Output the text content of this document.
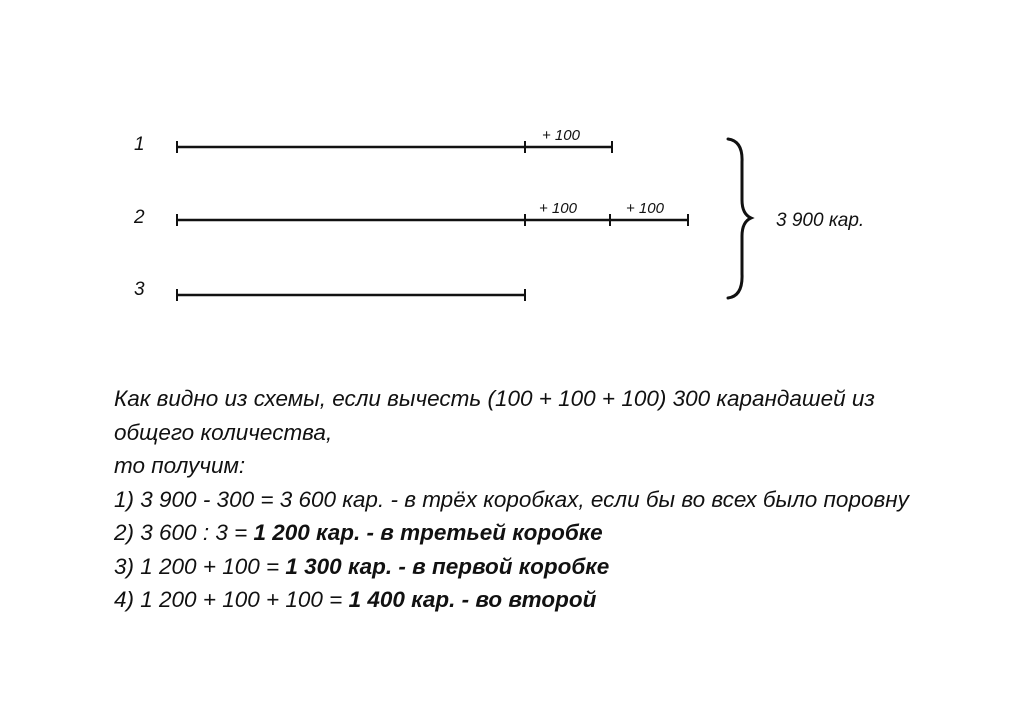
1	+ 100
2	+ 100	+ 100
3
3 900 кар.
Как видно из схемы, если вычесть (100 + 100 + 100) 300 карандашей из
общего количества,
то получим:
1) 3 900 - 300 = 3 600 кар. - в трёх коробках, если бы во всех было поровну
2) 3 600 : 3 = 1 200 кар. - в третьей коробке
3) 1 200 + 100 = 1 300 кар. - в первой коробке
4) 1 200 + 100 + 100 = 1 400 кар. - во второй
